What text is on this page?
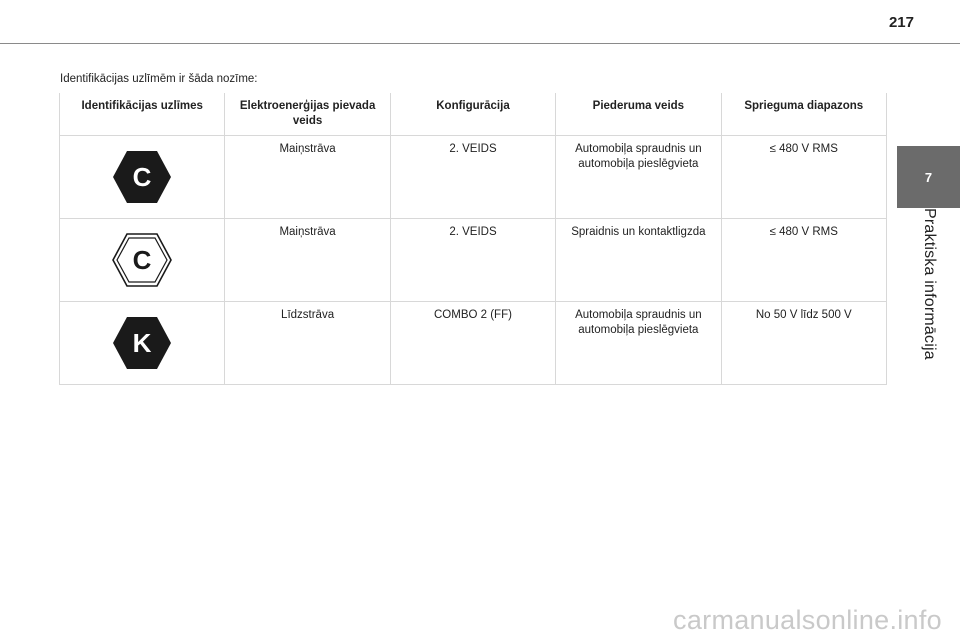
217
7
Praktiska informācija
Identifikācijas uzlīmēm ir šāda nozīme:
Identifikācijas uzlīmes	Elektroenerģijas pievada veids	Konfigurācija	Piederuma veids	Sprieguma diapazons

C	Maiņstrāva	2. VEIDS	Automobiļa spraudnis un automobiļa pieslēgvieta	≤ 480 V RMS

C	Maiņstrāva	2. VEIDS	Spraidnis un kontaktligzda	≤ 480 V RMS

K	Līdzstrāva	COMBO 2 (FF)	Automobiļa spraudnis un automobiļa pieslēgvieta	No 50 V līdz 500 V
carmanualsonline.info
